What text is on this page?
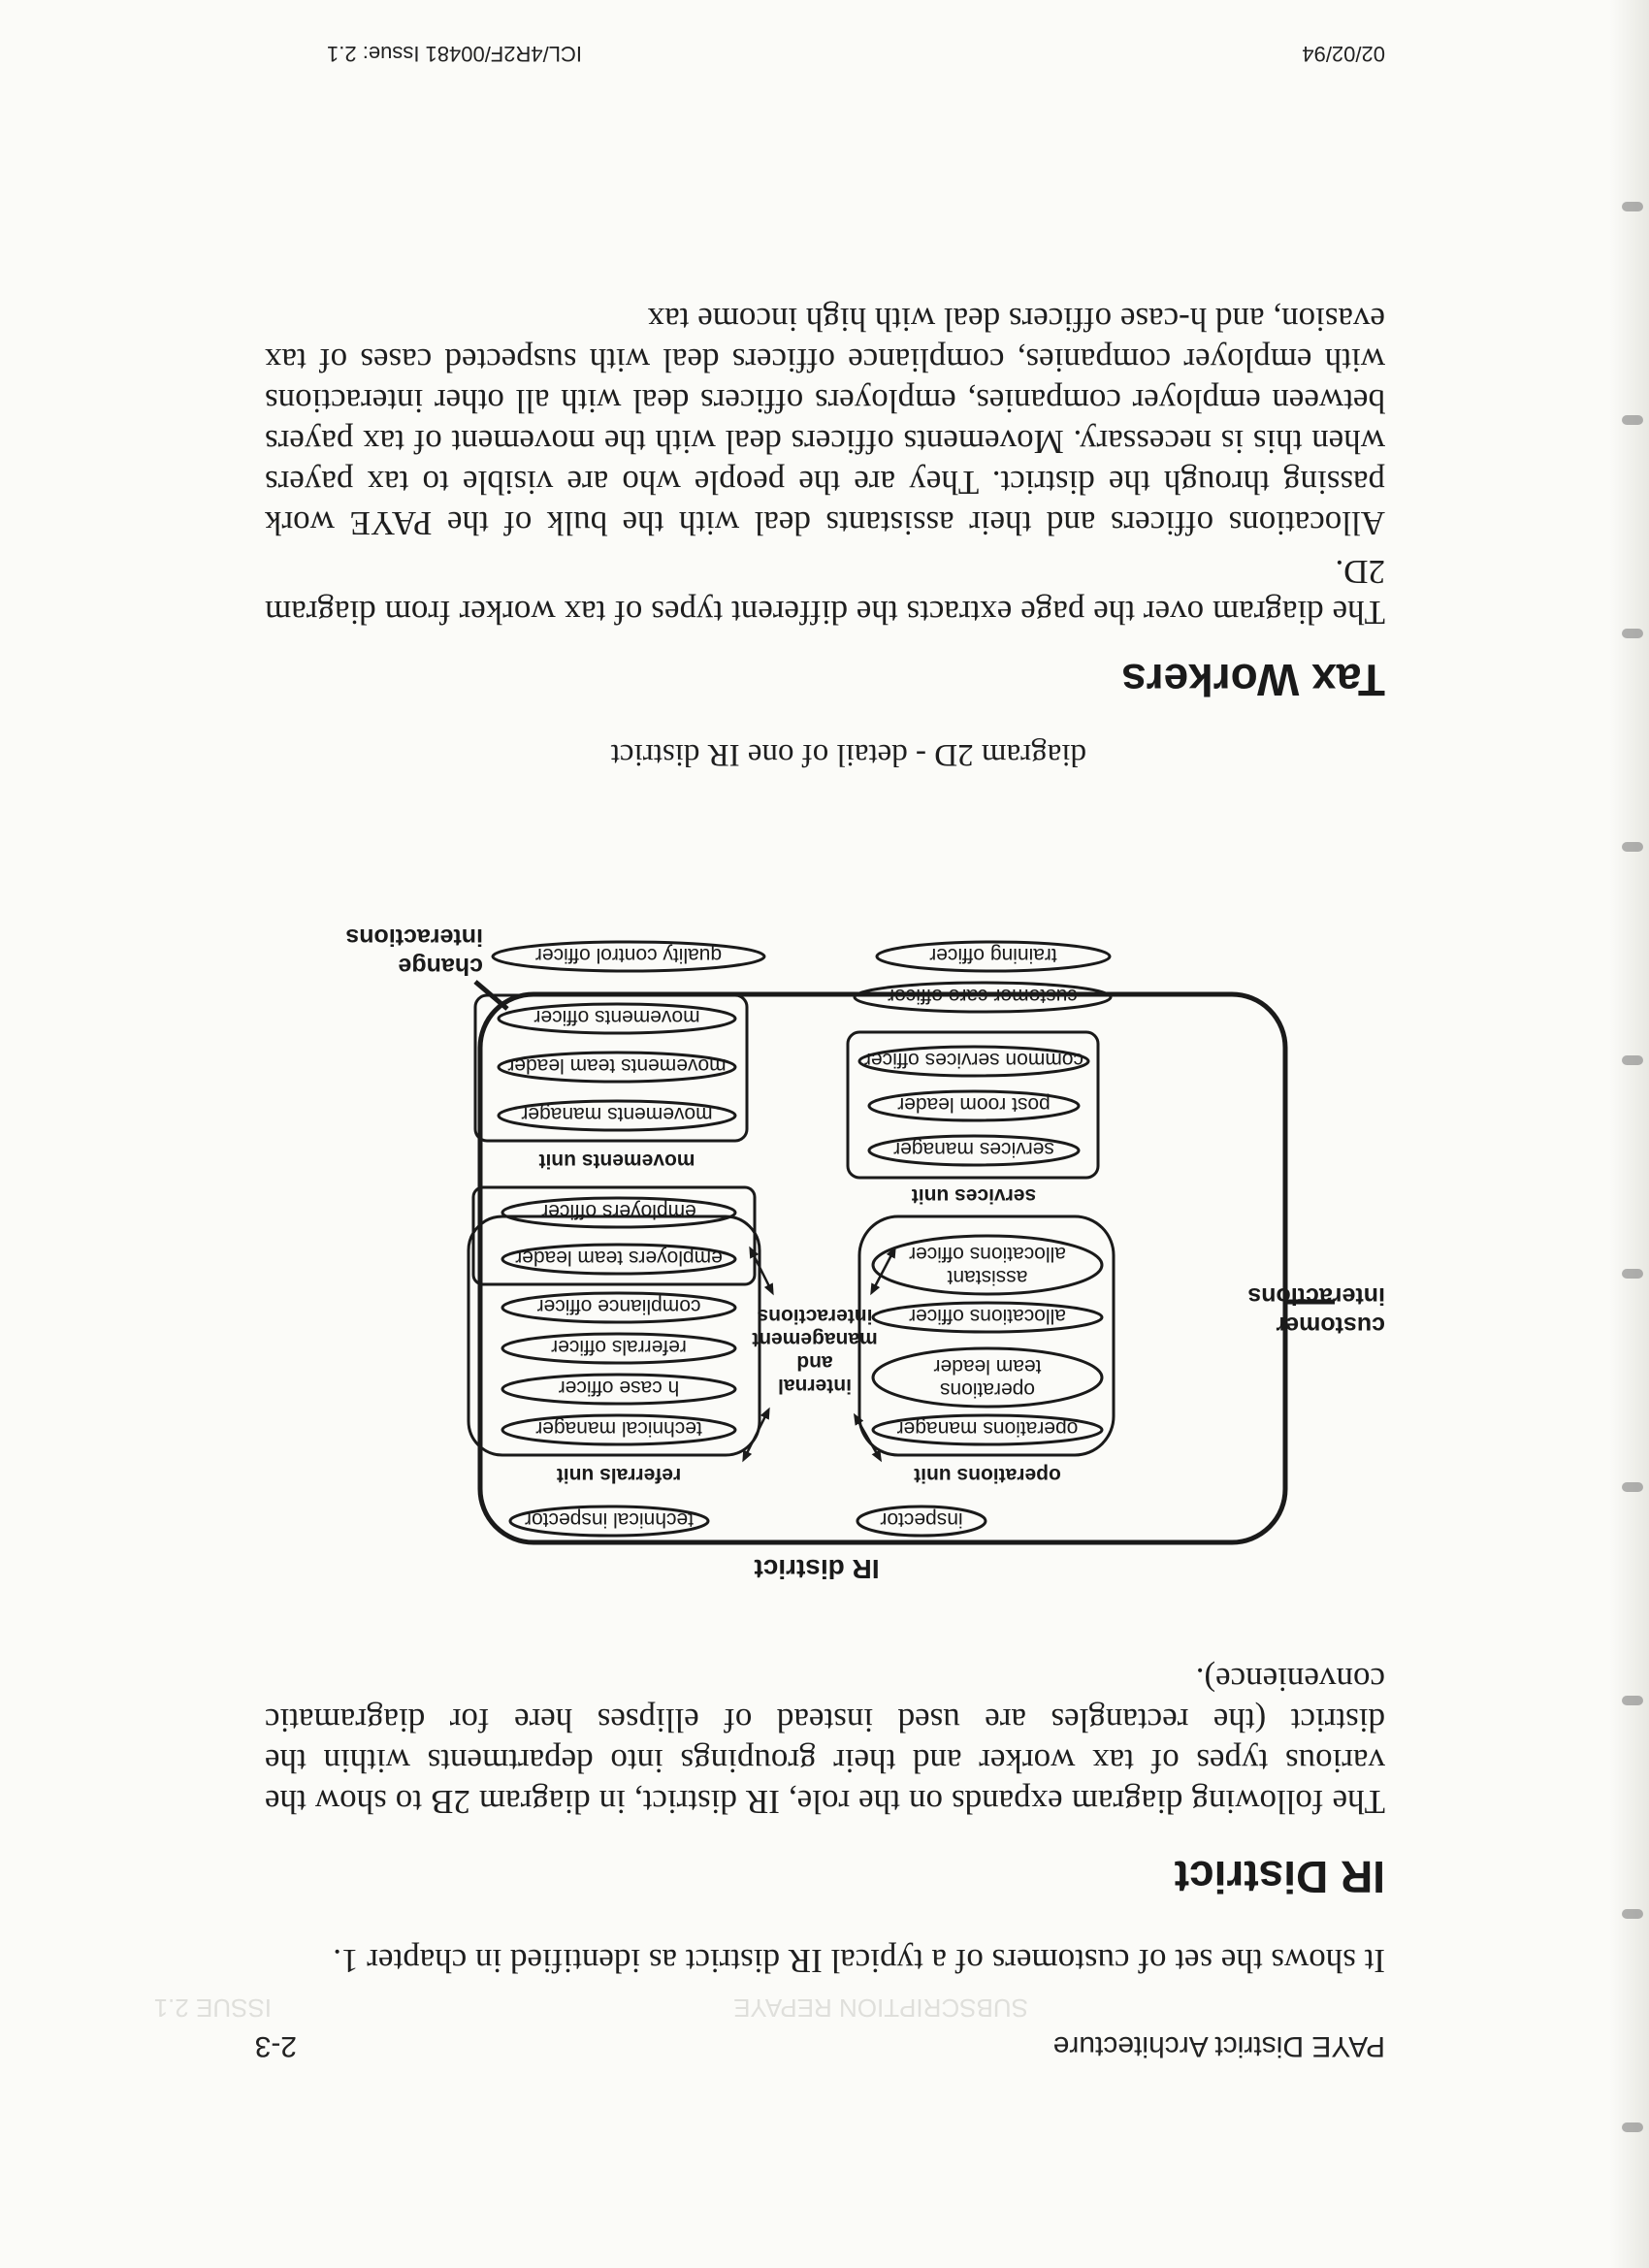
SUBSCRIPTION REPAYE
ISSUE 2.1
PAYE District Architecture
2-3
It shows the set of customers of a typical IR district as identified in chapter 1.
IR District
The following diagram expands on the role, IR district, in diagram 2B to show the various types of tax worker and their groupings into departments within the district (the rectangles are used instead of ellipses here for diagramatic convenience).
IR district
inspector
technical inspector
operations unit
operations manager
operations
team leader
allocations officer
assistant
allocations officer
referrals unit
technical manager
h case officer
referrals officer
compliance officer
employers team leader
employers officer
internal
and
management
interactions
services unit
services manager
post room leader
common services officer
movements unit
movements manager
movements team leader
movements officer
customer care officer
training officer
quality control officer
customer
interactions
change
interactions
diagram 2D - detail of one IR district
Tax Workers
The diagram over the page extracts the different types of tax worker from diagram 2D.
Allocations officers and their assistants deal with the bulk of the PAYE work passing through the district. They are the people who are visible to tax payers when this is necessary. Movements officers deal with the movement of tax payers between employer companies, employers officers deal with all other interactions with employer companies, compliance officers deal with suspected cases of tax evasion, and h-case officers deal with high income tax
02/02/94
ICL/4R2F/00481 Issue: 2.1
